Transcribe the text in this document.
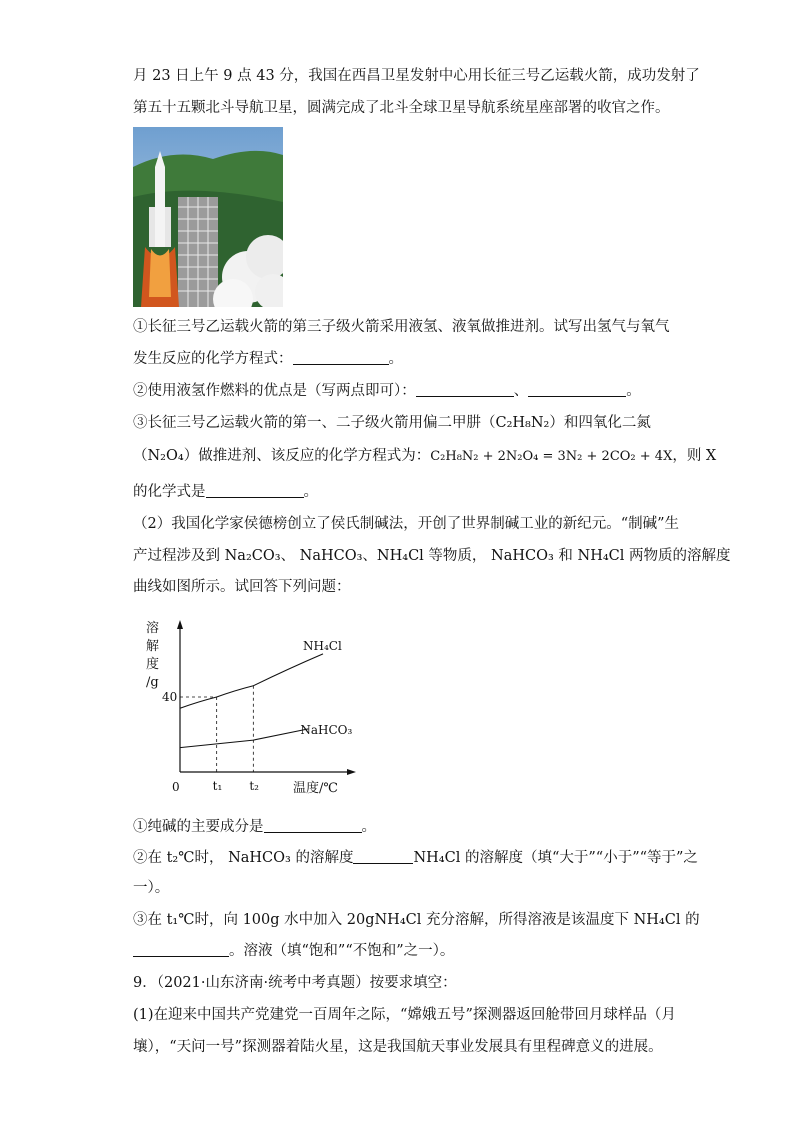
月 23 日上午 9 点 43 分，我国在西昌卫星发射中心用长征三号乙运载火箭，成功发射了
第五十五颗北斗导航卫星，圆满完成了北斗全球卫星导航系统星座部署的收官之作。
①长征三号乙运载火箭的第三子级火箭采用液氢、液氧做推进剂。试写出氢气与氧气
发生反应的化学方程式：	。
②使用液氢作燃料的优点是（写两点即可）：	、	。
③长征三号乙运载火箭的第一、二子级火箭用偏二甲肼（C₂H₈N₂）和四氧化二氮
（N₂O₄）做推进剂、该反应的化学方程式为：C₂H₈N₂ + 2N₂O₄ = 3N₂ + 2CO₂ + 4X，则 X
的化学式是	。
（2）我国化学家侯德榜创立了侯氏制碱法，开创了世界制碱工业的新纪元。“制碱”生
产过程涉及到 Na₂CO₃、 NaHCO₃、NH₄Cl 等物质， NaHCO₃ 和 NH₄Cl 两物质的溶解度
曲线如图所示。试回答下列问题：
溶
解
度
/g
温度/℃
0
40
NH₄Cl
NaHCO₃
t₁ t₂
①纯碱的主要成分是	。
②在 t₂℃时， NaHCO₃ 的溶解度	NH₄Cl 的溶解度（填“大于”“小于”“等于”之
一）。
③在 t₁℃时，向 100g 水中加入 20gNH₄Cl 充分溶解，所得溶液是该温度下 NH₄Cl 的
。溶液（填“饱和”“不饱和”之一）。
9．（2021·山东济南·统考中考真题）按要求填空：
(1)在迎来中国共产党建党一百周年之际，“嫦娥五号”探测器返回舱带回月球样品（月
壤），“天问一号”探测器着陆火星，这是我国航天事业发展具有里程碑意义的进展。
